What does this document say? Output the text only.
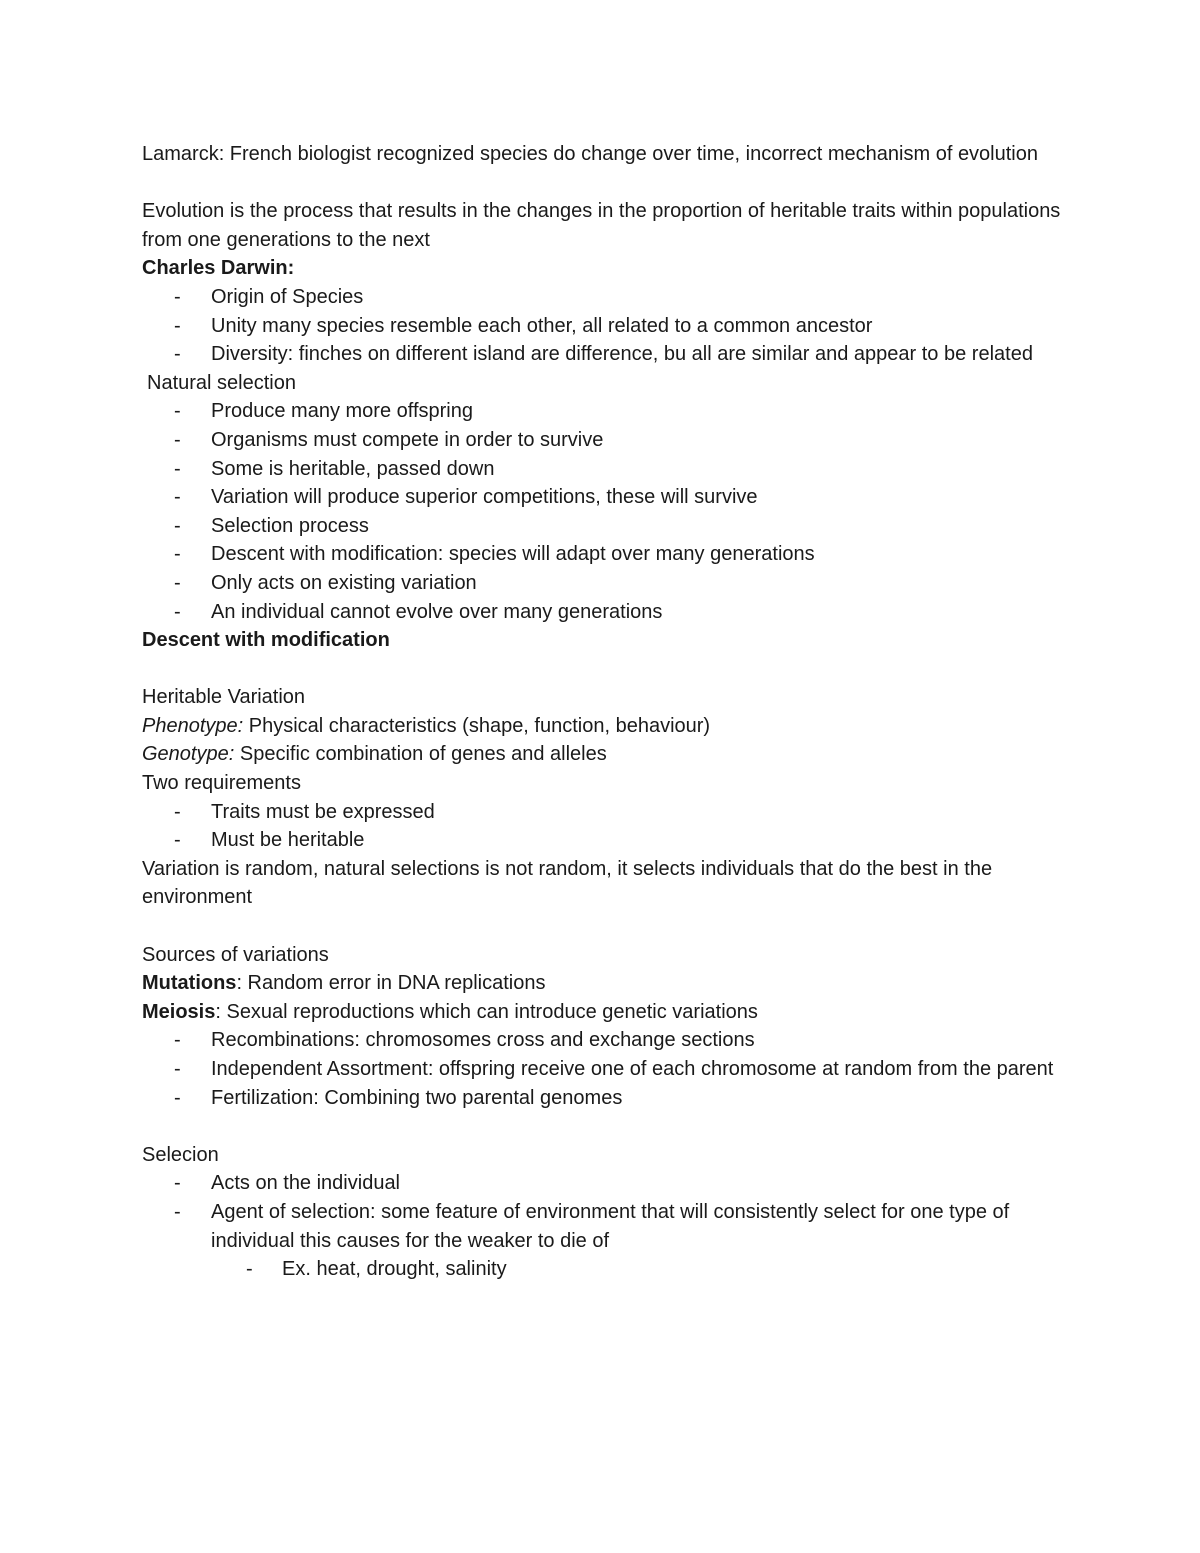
Lamarck: French biologist recognized species do change over time, incorrect mechanism of evolution

Evolution is the process that results in the changes in the proportion of heritable traits within populations from one generations to the next

Charles Darwin:

- Origin of Species
- Unity many species resemble each other, all related to a common ancestor
- Diversity: finches on different island are difference, bu all are similar and appear to be related

Natural selection

- Produce many more offspring
- Organisms must compete in order to survive
- Some is heritable, passed down
- Variation will produce superior competitions, these will survive
- Selection process
- Descent with modification: species will adapt over many generations
- Only acts on existing variation
- An individual cannot evolve over many generations

Descent with modification

Heritable Variation

Phenotype: Physical characteristics (shape, function, behaviour)

Genotype: Specific combination of genes and alleles

Two requirements

- Traits must be expressed
- Must be heritable

Variation is random, natural selections is not random, it selects individuals that do the best in the environment

Sources of variations

Mutations: Random error in DNA replications

Meiosis: Sexual reproductions which can introduce genetic variations

- Recombinations: chromosomes cross and exchange sections
- Independent Assortment: offspring receive one of each chromosome at random from the parent
- Fertilization: Combining two parental genomes

Selecion

- Acts on the individual
- Agent of selection: some feature of environment that will consistently select for one type of individual this causes for the weaker to die of
- Ex. heat, drought, salinity
